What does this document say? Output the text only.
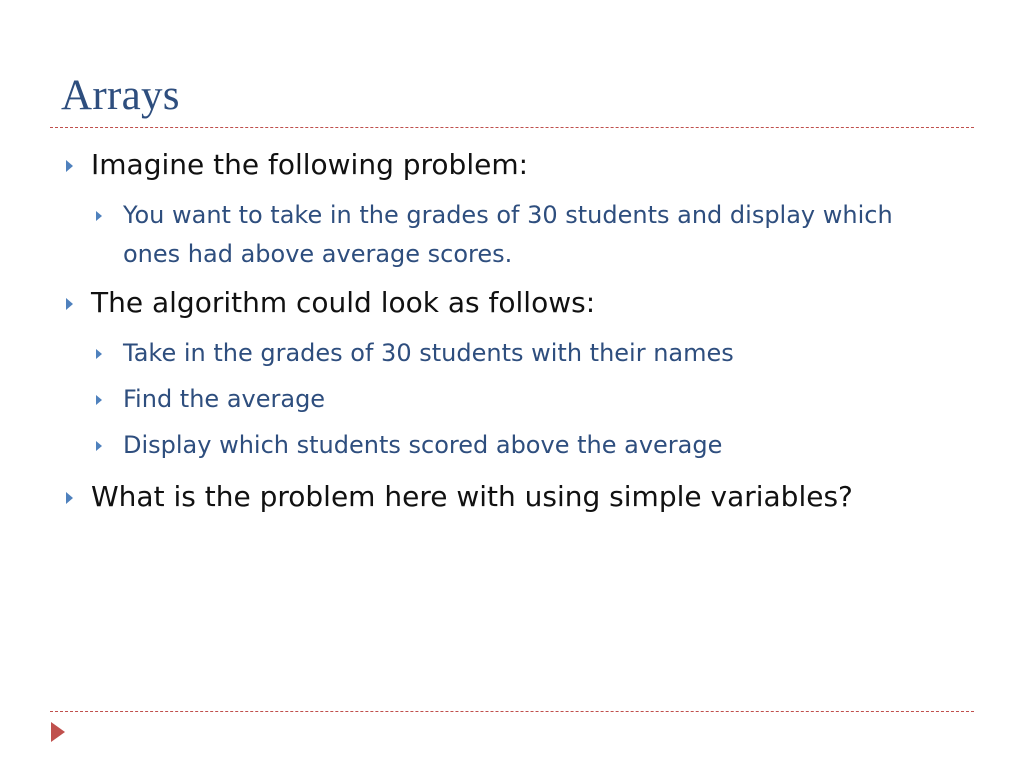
Arrays

Imagine the following problem:

You want to take in the grades of 30 students and display which ones had above average scores.

The algorithm could look as follows:

Take in the grades of 30 students with their names

Find the average

Display which students scored above the average

What is the problem here with using simple variables?
